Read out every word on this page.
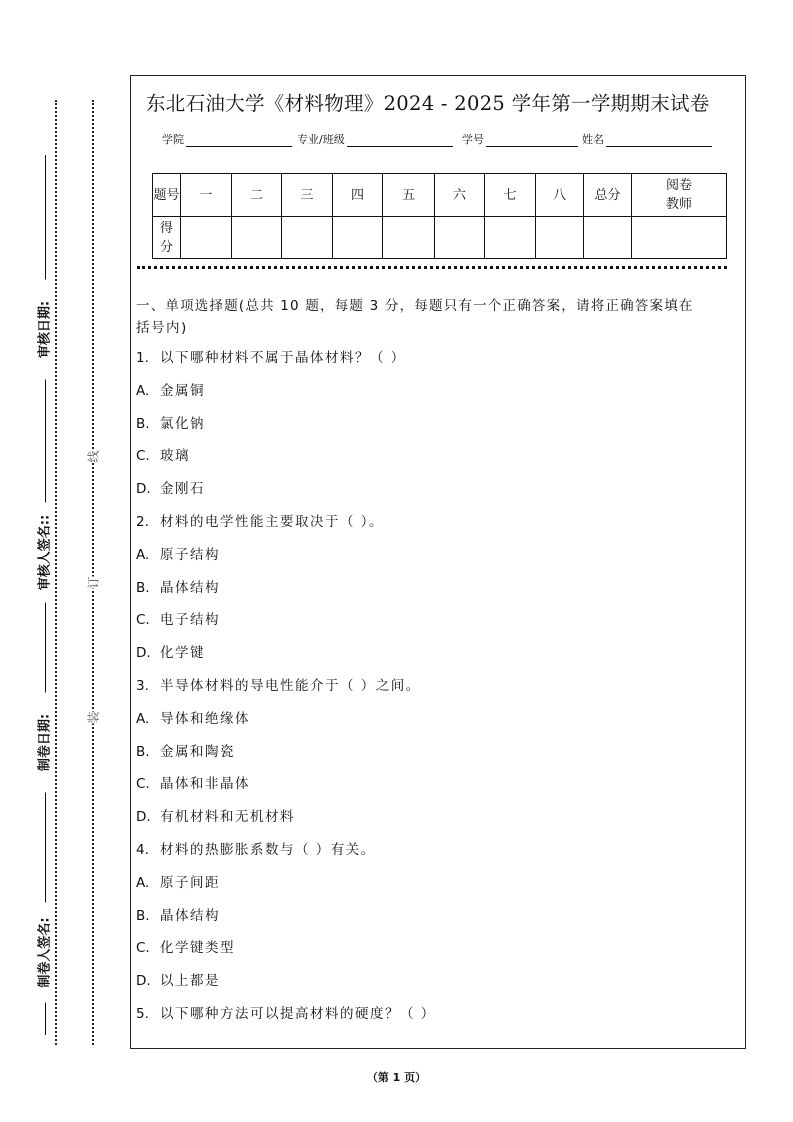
审核日期:
审核人签名::
制卷日期:
制卷人签名:
线
订
装
东北石油大学《材料物理》2024 - 2025 学年第一学期期末试卷
学院	专业/班级	学号	姓名
题号	一	二	三	四	五	六	七	八	总分	阅卷教师
得分										
一、单项选择题(总共 10 题，每题 3 分，每题只有一个正确答案，请将正确答案填在
括号内)
1. 以下哪种材料不属于晶体材料？（ ）
A. 金属铜
B. 氯化钠
C. 玻璃
D. 金刚石
2. 材料的电学性能主要取决于（ ）。
A. 原子结构
B. 晶体结构
C. 电子结构
D. 化学键
3. 半导体材料的导电性能介于（ ）之间。
A. 导体和绝缘体
B. 金属和陶瓷
C. 晶体和非晶体
D. 有机材料和无机材料
4. 材料的热膨胀系数与（ ）有关。
A. 原子间距
B. 晶体结构
C. 化学键类型
D. 以上都是
5. 以下哪种方法可以提高材料的硬度？（ ）
（第 1 页）
